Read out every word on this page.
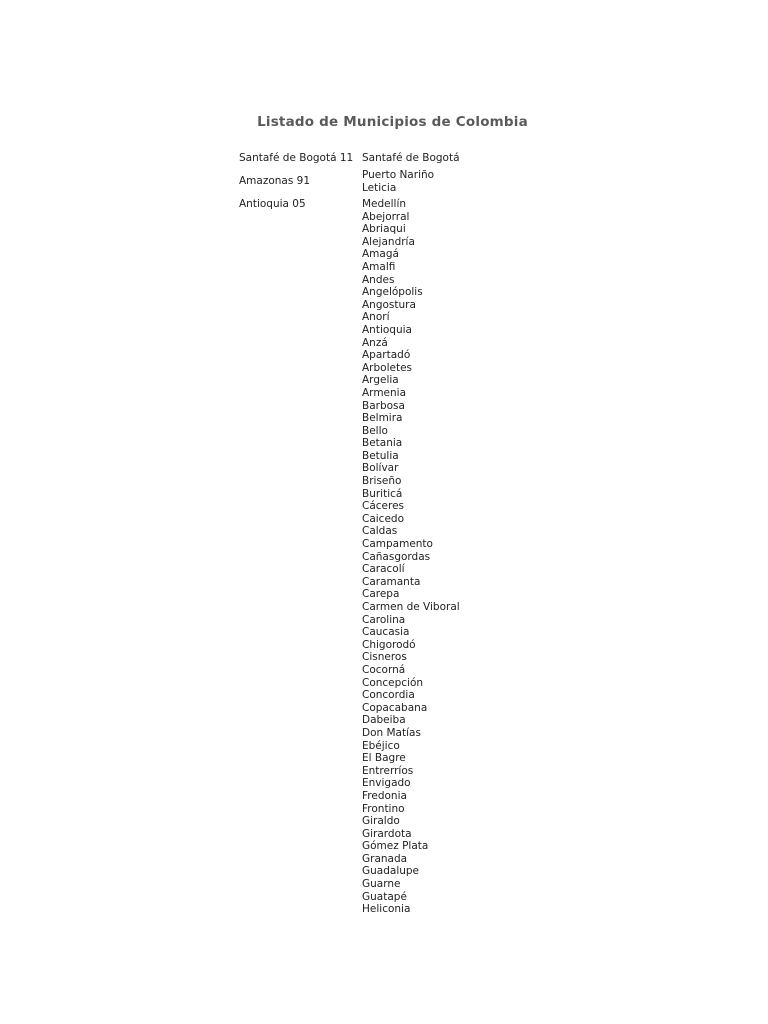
Listado de Municipios de Colombia
Santafé de Bogotá 11 Santafé de Bogotá
Amazonas 91	Puerto Nariño
Leticia
Antioquia 05	Medellín
Abejorral
Abriaqui
Alejandría
Amagá
Amalfi
Andes
Angelópolis
Angostura
Anorí
Antioquia
Anzá
Apartadó
Arboletes
Argelia
Armenia
Barbosa
Belmira
Bello
Betania
Betulia
Bolívar
Briseño
Buriticá
Cáceres
Caicedo
Caldas
Campamento
Cañasgordas
Caracolí
Caramanta
Carepa
Carmen de Viboral
Carolina
Caucasia
Chigorodó
Cisneros
Cocorná
Concepción
Concordia
Copacabana
Dabeiba
Don Matías
Ebéjico
El Bagre
Entrerríos
Envigado
Fredonia
Frontino
Giraldo
Girardota
Gómez Plata
Granada
Guadalupe
Guarne
Guatapé
Heliconia
